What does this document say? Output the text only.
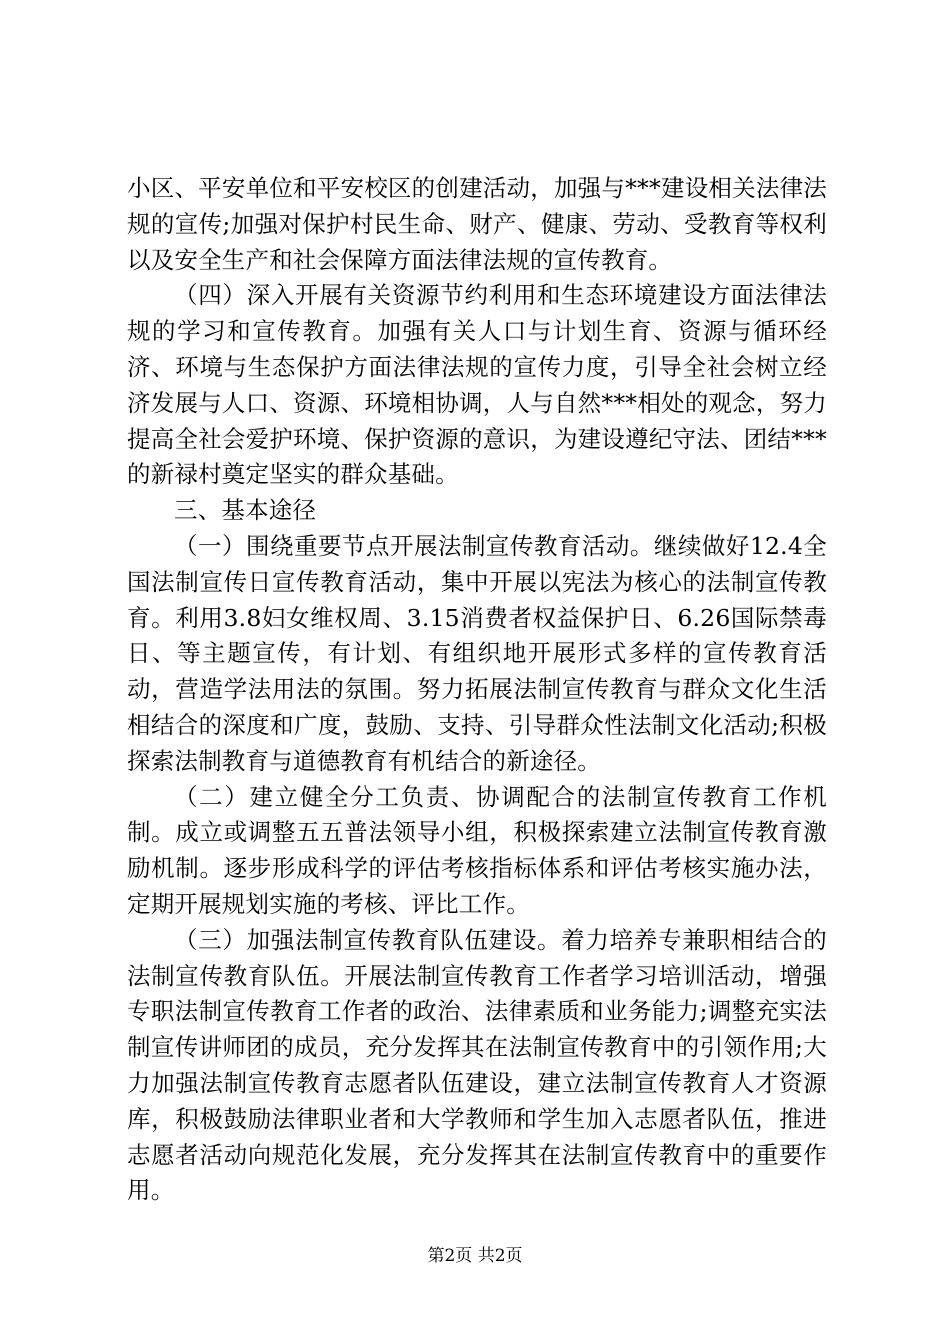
小区、平安单位和平安校区的创建活动，加强与***建设相关法律法规的宣传;加强对保护村民生命、财产、健康、劳动、受教育等权利以及安全生产和社会保障方面法律法规的宣传教育。

（四）深入开展有关资源节约利用和生态环境建设方面法律法规的学习和宣传教育。加强有关人口与计划生育、资源与循环经济、环境与生态保护方面法律法规的宣传力度，引导全社会树立经济发展与人口、资源、环境相协调，人与自然***相处的观念，努力提高全社会爱护环境、保护资源的意识，为建设遵纪守法、团结***的新禄村奠定坚实的群众基础。

三、基本途径

（一）围绕重要节点开展法制宣传教育活动。继续做好12.4全国法制宣传日宣传教育活动，集中开展以宪法为核心的法制宣传教育。利用3.8妇女维权周、3.15消费者权益保护日、6.26国际禁毒日、等主题宣传，有计划、有组织地开展形式多样的宣传教育活动，营造学法用法的氛围。努力拓展法制宣传教育与群众文化生活相结合的深度和广度，鼓励、支持、引导群众性法制文化活动;积极探索法制教育与道德教育有机结合的新途径。

（二）建立健全分工负责、协调配合的法制宣传教育工作机制。成立或调整五五普法领导小组，积极探索建立法制宣传教育激励机制。逐步形成科学的评估考核指标体系和评估考核实施办法，定期开展规划实施的考核、评比工作。

（三）加强法制宣传教育队伍建设。着力培养专兼职相结合的法制宣传教育队伍。开展法制宣传教育工作者学习培训活动，增强专职法制宣传教育工作者的政治、法律素质和业务能力;调整充实法制宣传讲师团的成员，充分发挥其在法制宣传教育中的引领作用;大力加强法制宣传教育志愿者队伍建设，建立法制宣传教育人才资源库，积极鼓励法律职业者和大学教师和学生加入志愿者队伍，推进志愿者活动向规范化发展，充分发挥其在法制宣传教育中的重要作用。

第2页 共2页
